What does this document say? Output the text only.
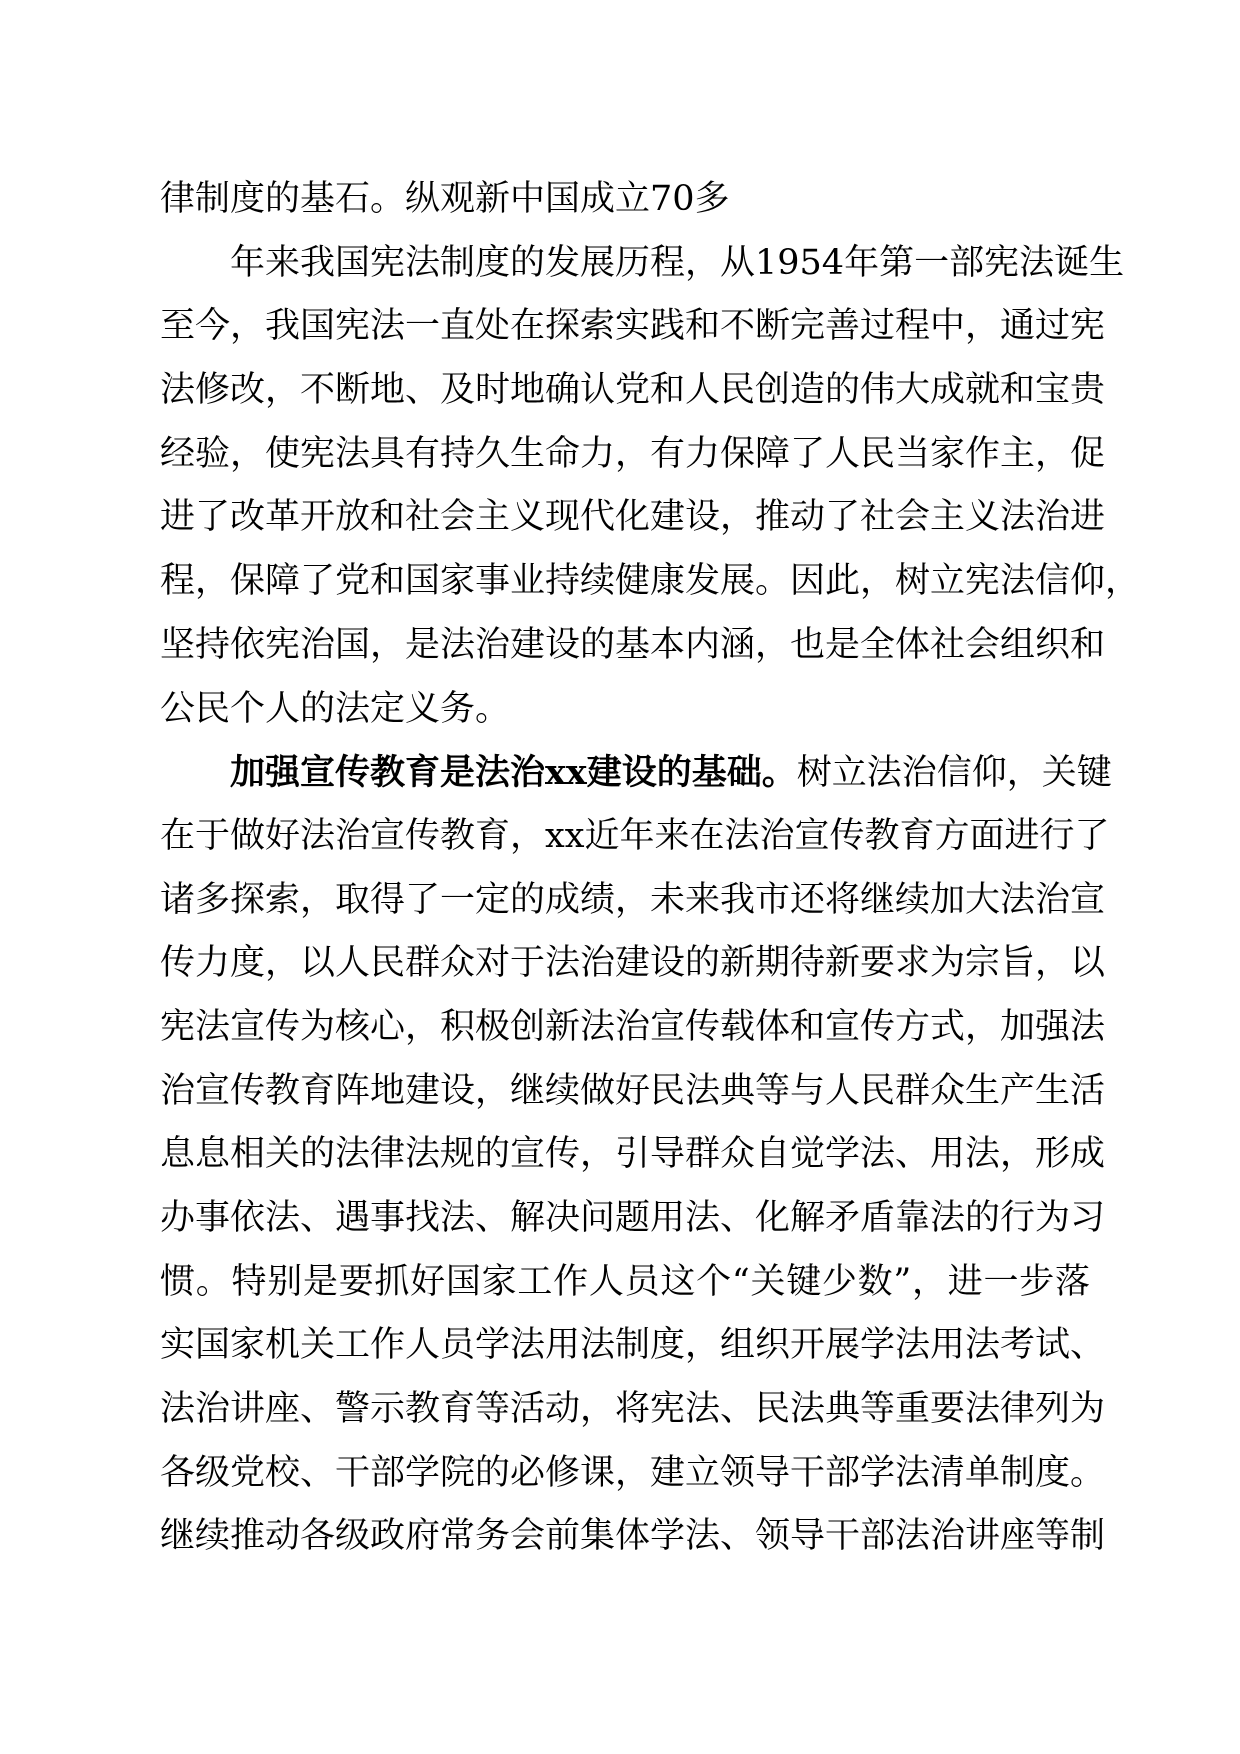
律制度的基石。纵观新中国成立70多
年来我国宪法制度的发展历程，从1954年第一部宪法诞生
至今，我国宪法一直处在探索实践和不断完善过程中，通过宪
法修改，不断地、及时地确认党和人民创造的伟大成就和宝贵
经验，使宪法具有持久生命力，有力保障了人民当家作主，促
进了改革开放和社会主义现代化建设，推动了社会主义法治进
程，保障了党和国家事业持续健康发展。因此，树立宪法信仰，
坚持依宪治国，是法治建设的基本内涵，也是全体社会组织和
公民个人的法定义务。
加强宣传教育是法治xx建设的基础。树立法治信仰，关键
在于做好法治宣传教育，xx近年来在法治宣传教育方面进行了
诸多探索，取得了一定的成绩，未来我市还将继续加大法治宣
传力度，以人民群众对于法治建设的新期待新要求为宗旨，以
宪法宣传为核心，积极创新法治宣传载体和宣传方式，加强法
治宣传教育阵地建设，继续做好民法典等与人民群众生产生活
息息相关的法律法规的宣传，引导群众自觉学法、用法，形成
办事依法、遇事找法、解决问题用法、化解矛盾靠法的行为习
惯。特别是要抓好国家工作人员这个“关键少数”，进一步落
实国家机关工作人员学法用法制度，组织开展学法用法考试、
法治讲座、警示教育等活动，将宪法、民法典等重要法律列为
各级党校、干部学院的必修课，建立领导干部学法清单制度。
继续推动各级政府常务会前集体学法、领导干部法治讲座等制
